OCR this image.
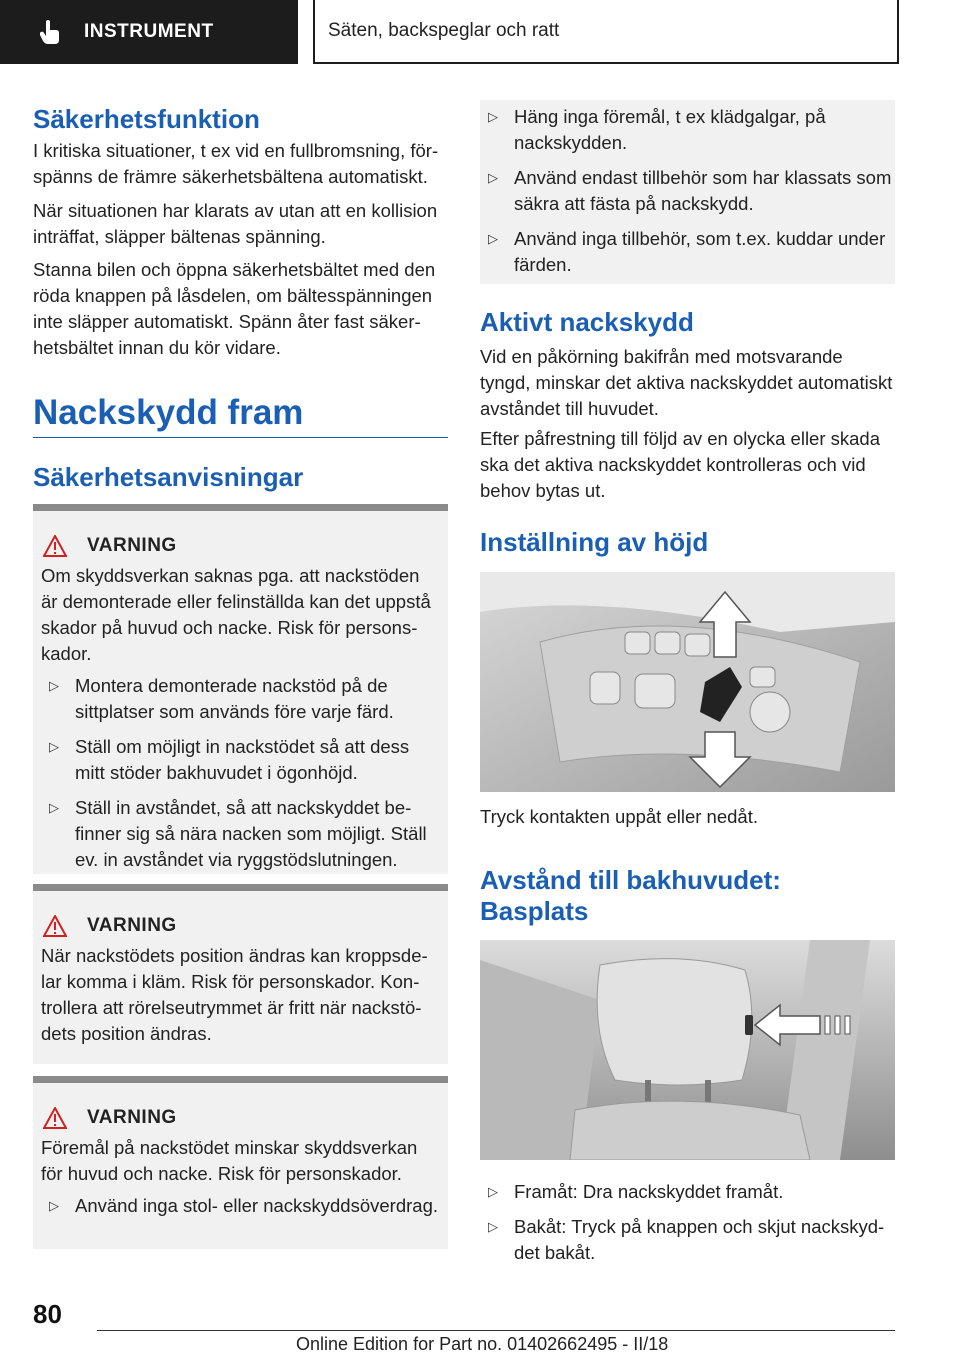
INSTRUMENT	Säten, backspeglar och ratt
Säkerhetsfunktion

I kritiska situationer, t ex vid en fullbromsning, förspänns de främre säkerhetsbältena automatiskt.

När situationen har klarats av utan att en kollision inträffat, släpper bältenas spänning.

Stanna bilen och öppna säkerhetsbältet med den röda knappen på låsdelen, om bältesspänningen inte släpper automatiskt. Spänn åter fast säkerhetsbältet innan du kör vidare.

Nackskydd fram
Säkerhetsanvisningar
VARNING

Om skyddsverkan saknas pga. att nackstöden är demonterade eller felinställda kan det uppstå skador på huvud och nacke. Risk för personskador.

▷ Montera demonterade nackstöd på de sittplatser som används före varje färd.
▷ Ställ om möjligt in nackstödet så att dess mitt stöder bakhuvudet i ögonhöjd.
▷ Ställ in avståndet, så att nackskyddet befinner sig så nära nacken som möjligt. Ställ ev. in avståndet via ryggstödslutningen.
VARNING

När nackstödets position ändras kan kroppsdelar komma i kläm. Risk för personskador. Kontrollera att rörelseutrymmet är fritt när nackstödets position ändras.

VARNING

Föremål på nackstödet minskar skyddsverkan för huvud och nacke. Risk för personskador.

▷ Använd inga stol- eller nackskyddsöverdrag.
▷ Häng inga föremål, t ex klädgalgar, på nackskydden.
▷ Använd endast tillbehör som har klassats som säkra att fästa på nackskydd.
▷ Använd inga tillbehör, som t.ex. kuddar under färden.
Aktivt nackskydd

Vid en påkörning bakifrån med motsvarande tyngd, minskar det aktiva nackskyddet automatiskt avståndet till huvudet.

Efter påfrestning till följd av en olycka eller skada ska det aktiva nackskyddet kontrolleras och vid behov bytas ut.

Inställning av höjd

Tryck kontakten uppåt eller nedåt.

Avstånd till bakhuvudet:
Basplats
▷ Framåt: Dra nackskyddet framåt.
▷ Bakåt: Tryck på knappen och skjut nackskyddet bakåt.
80
Online Edition for Part no. 01402662495 - II/18
